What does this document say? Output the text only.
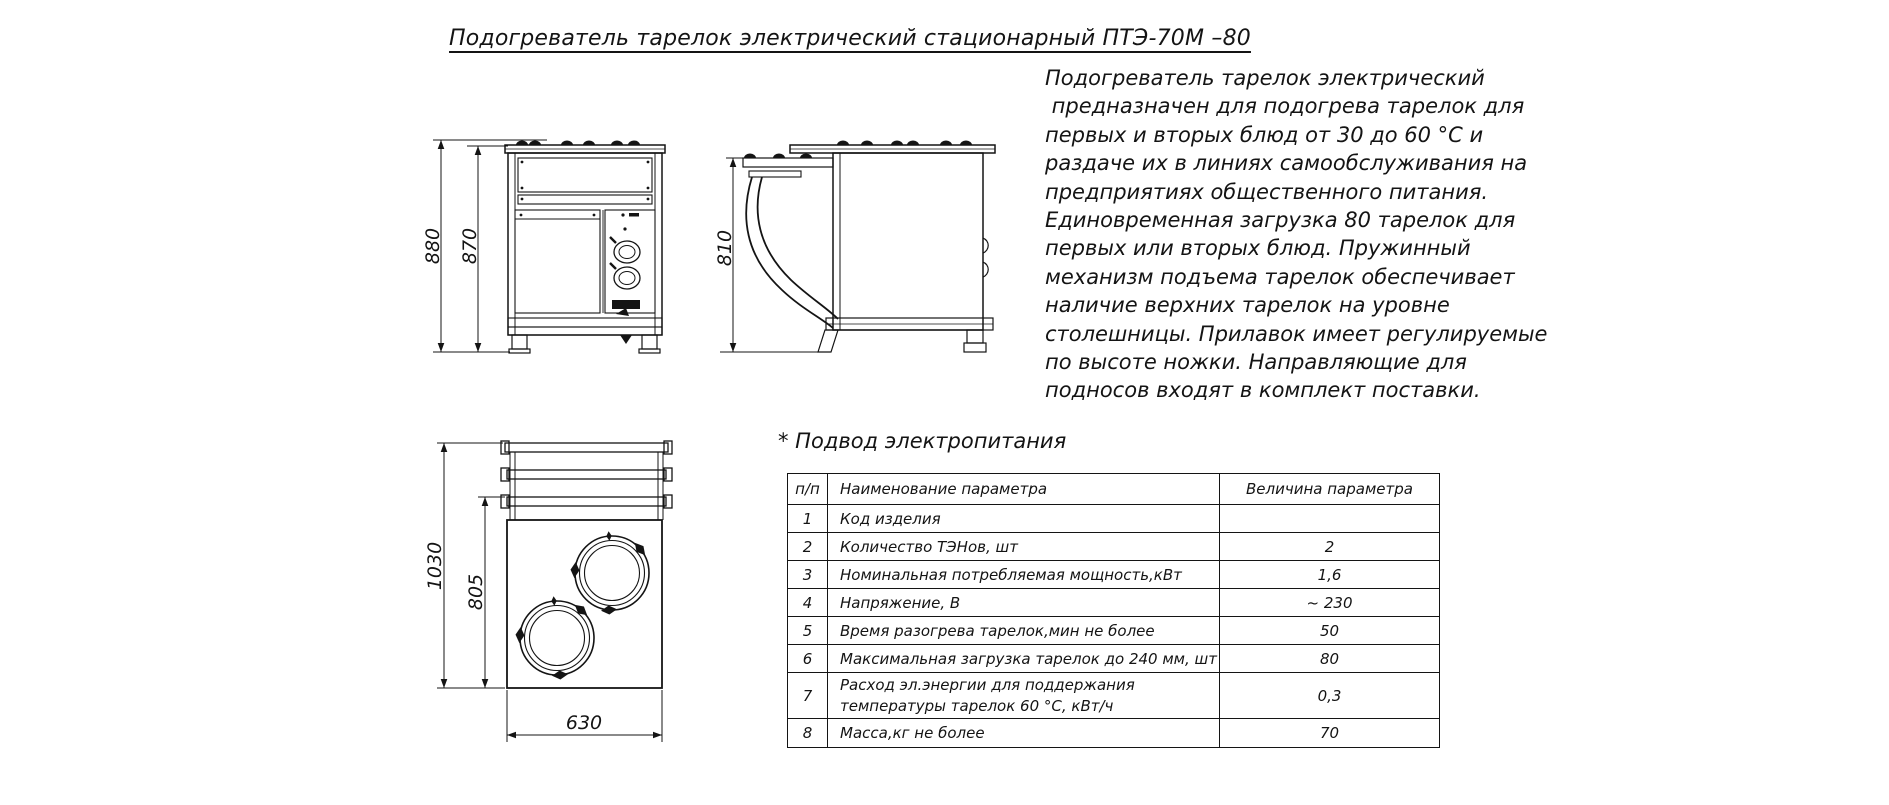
Подогреватель тарелок электрический стационарный ПТЭ-70М –80
880 870	810
1030
805
630
Подогреватель тарелок электрический
предназначен для подогрева тарелок для
первых и вторых блюд от 30 до 60 °С и
раздаче их в линиях самообслуживания на
предприятиях общественного питания.
Единовременная загрузка 80 тарелок для
первых или вторых блюд. Пружинный
механизм подъема тарелок обеспечивает
наличие верхних тарелок на уровне
столешницы. Прилавок имеет регулируемые
по высоте ножки. Направляющие для
подносов входят в комплект поставки.
* Подвод электропитания
п/п	Наименование параметра	Величина параметра
1	Код изделия	
2	Количество ТЭНов, шт	2
3	Номинальная потребляемая мощность,кВт	1,6
4	Напряжение, В	~ 230
5	Время разогрева тарелок,мин не более	50
6	Максимальная загрузка тарелок до 240 мм, шт	80
7	Расход эл.энергии для поддержания
температуры тарелок 60 °С, кВт/ч	0,3
8	Масса,кг не более	70
